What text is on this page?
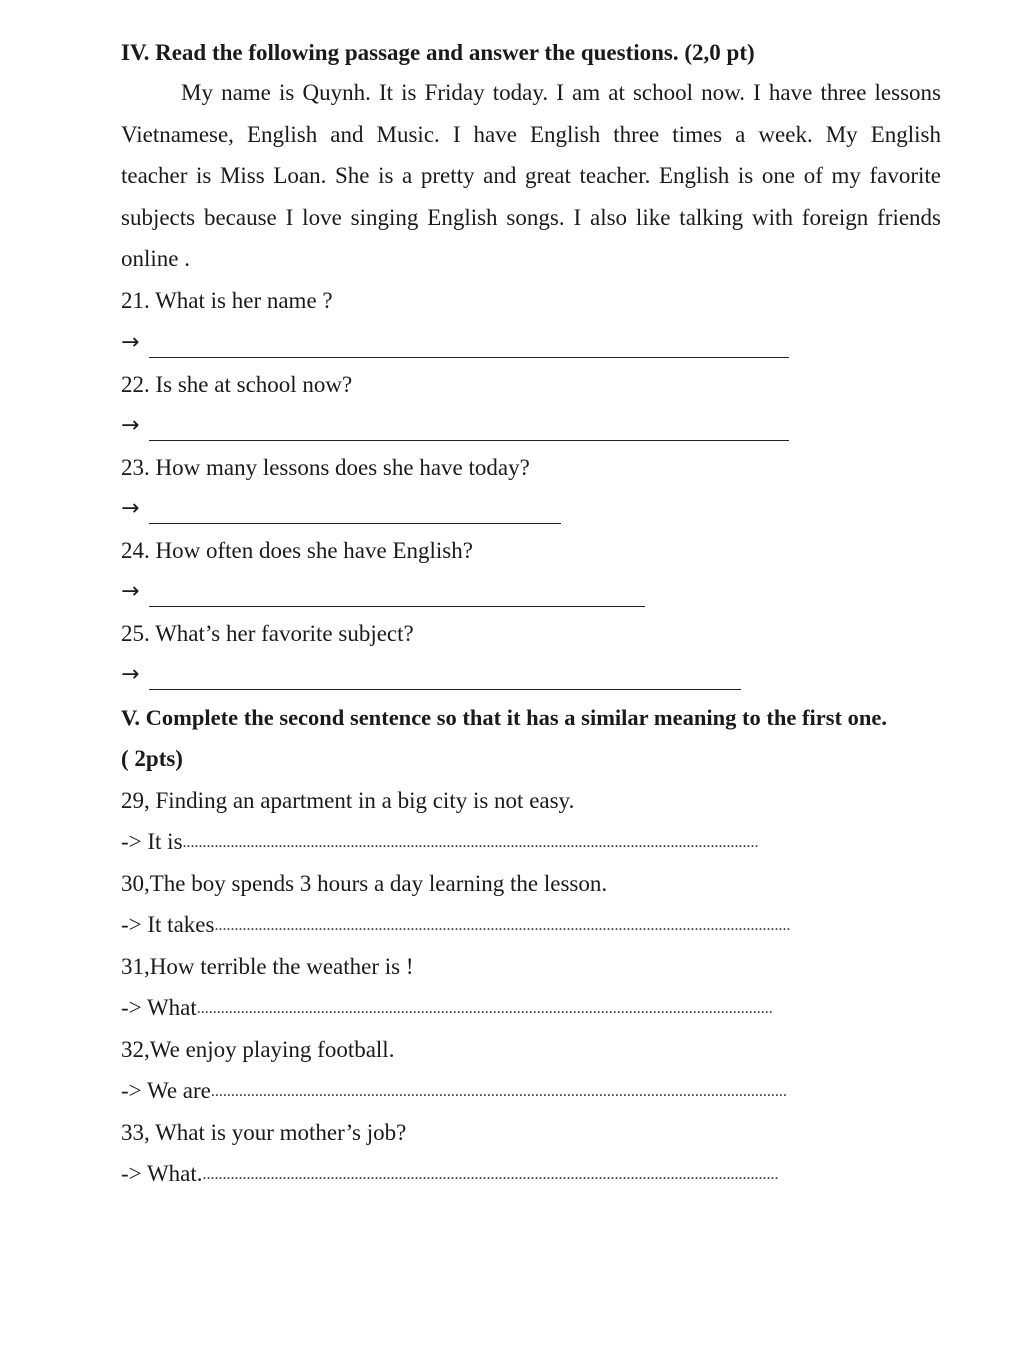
IV. Read the following passage and answer the questions. (2,0 pt)
My name is Quynh. It is Friday today. I am at school now. I have three lessons
Vietnamese, English and Music. I have English three times a week. My English
teacher is Miss Loan. She is a pretty and great teacher. English is one of my favorite
subjects because I love singing English songs. I also like talking with foreign friends
online .
21. What is her name ?
→
22. Is she at school now?
→
23. How many lessons does she have today?
→
24. How often does she have English?
→
25. What’s her favorite subject?
→
V. Complete the second sentence so that it has a similar meaning to the first one.
( 2pts)
29, Finding an apartment in a big city is not easy.
-> It is ................................................................................................................................................
30,The boy spends 3 hours a day learning the lesson.
-> It takes ................................................................................................................................................
31,How terrible the weather is !
-> What ................................................................................................................................................
32,We enjoy playing football.
-> We are ................................................................................................................................................
33, What is your mother’s job?
-> What. ................................................................................................................................................
